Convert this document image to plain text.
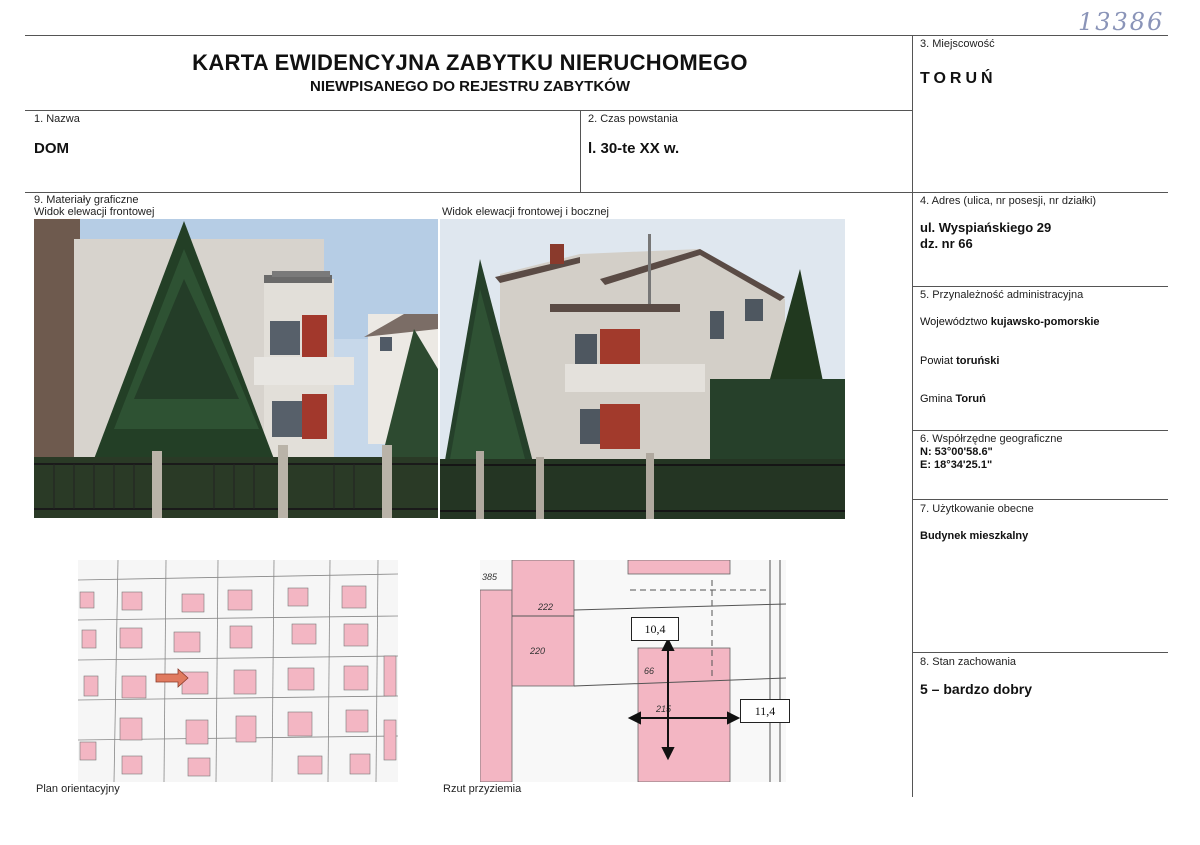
13386
KARTA EWIDENCYJNA ZABYTKU NIERUCHOMEGO
NIEWPISANEGO DO REJESTRU ZABYTKÓW
3. Miejscowość
TORUŃ
1. Nazwa
DOM
2. Czas powstania
l. 30-te XX w.
4. Adres (ulica, nr posesji, nr działki)
ul. Wyspiańskiego 29
dz. nr 66
5. Przynależność administracyjna
Województwo kujawsko-pomorskie
Powiat toruński
Gmina Toruń
6. Współrzędne geograficzne
N: 53°00'58.6"
E: 18°34'25.1"
7. Użytkowanie obecne
Budynek mieszkalny
8. Stan zachowania
5 – bardzo dobry
9. Materiały graficzne
Widok elewacji frontowej	Widok elewacji frontowej i bocznej
Plan orientacyjny
222
220
385
66
215
10,4
11,4
Rzut przyziemia
